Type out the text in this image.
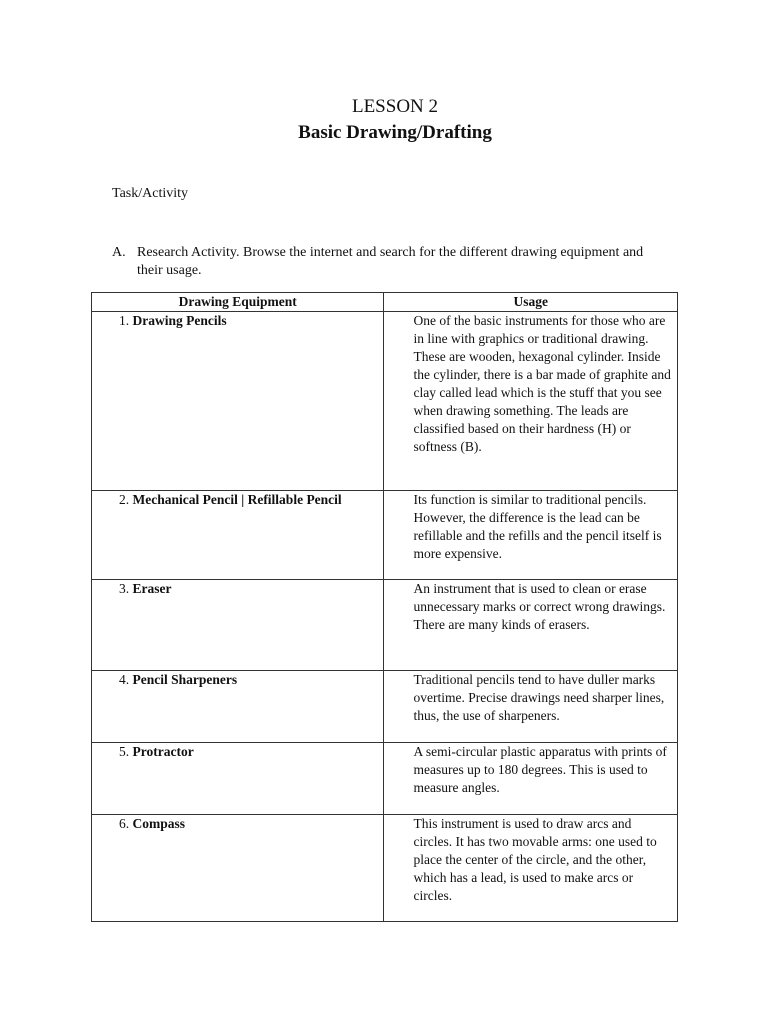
LESSON 2
Basic Drawing/Drafting
Task/Activity
A. Research Activity. Browse the internet and search for the different drawing equipment and their usage.
Drawing Equipment	Usage
1. Drawing Pencils	One of the basic instruments for those who are in line with graphics or traditional drawing. These are wooden, hexagonal cylinder. Inside the cylinder, there is a bar made of graphite and clay called lead which is the stuff that you see when drawing something. The leads are classified based on their hardness (H) or softness (B).

2. Mechanical Pencil | Refillable Pencil	Its function is similar to traditional pencils. However, the difference is the lead can be refillable and the refills and the pencil itself is more expensive.

3. Eraser	An instrument that is used to clean or erase unnecessary marks or correct wrong drawings. There are many kinds of erasers.

4. Pencil Sharpeners	Traditional pencils tend to have duller marks overtime. Precise drawings need sharper lines, thus, the use of sharpeners.

5. Protractor	A semi-circular plastic apparatus with prints of measures up to 180 degrees. This is used to measure angles.

6. Compass	This instrument is used to draw arcs and circles. It has two movable arms: one used to place the center of the circle, and the other, which has a lead, is used to make arcs or circles.
